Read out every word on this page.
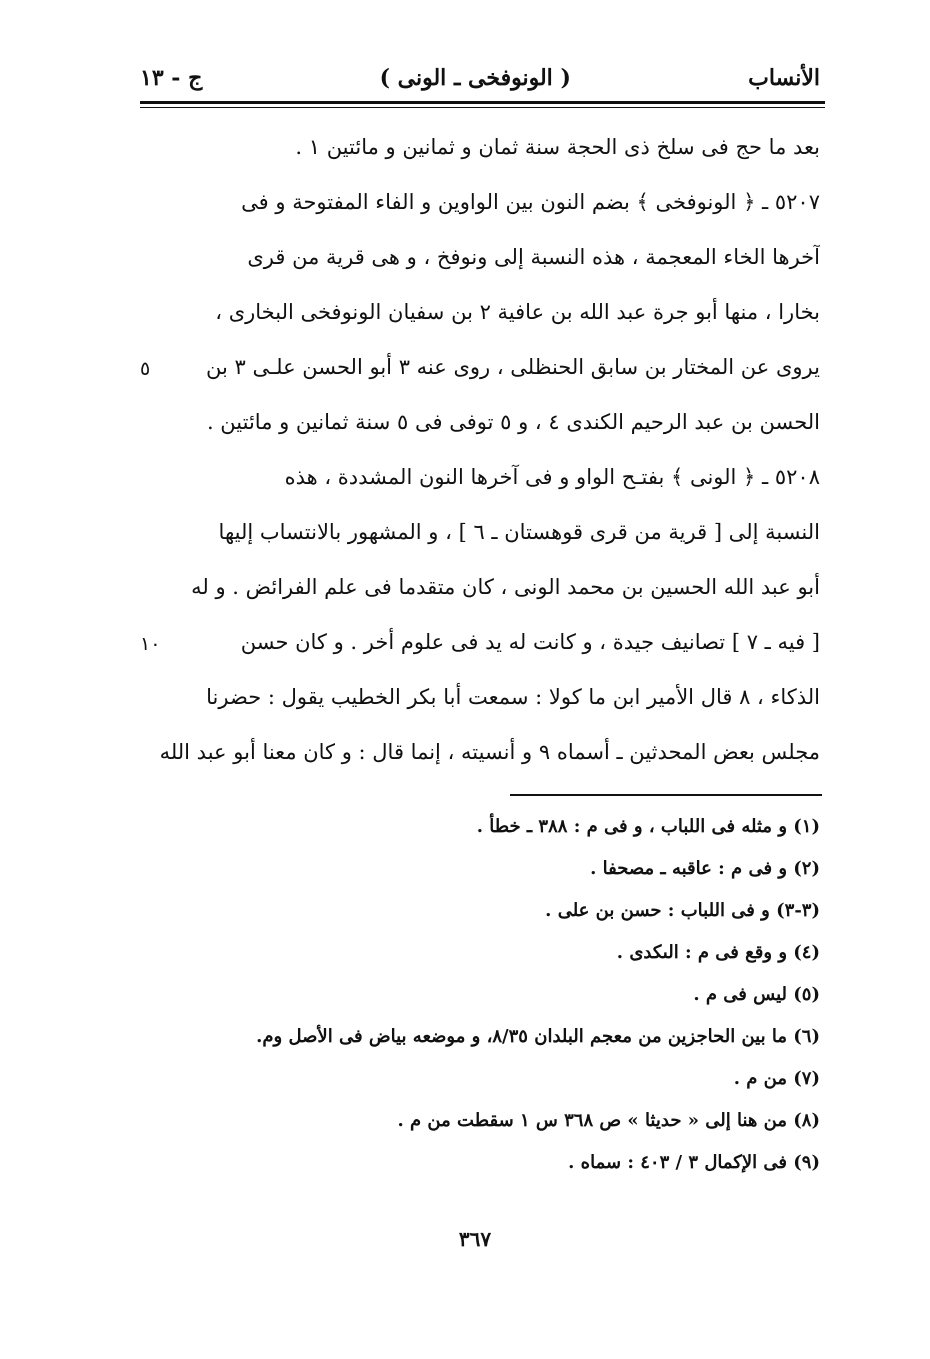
الأنساب
( الونوفخى ـ الونى )
ج - ١٣
بعد ما حج فى سلخ ذى الحجة سنة ثمان و ثمانين و مائتين ١ .
٥٢٠٧ ـ ﴿ الونوفخى ﴾ بضم النون بين الواوين و الفاء المفتوحة و فى
آخرها الخاء المعجمة ، هذه النسبة إلى ونوفخ ، و هى قرية من قرى
بخارا ، منها أبو جرة عبد الله بن عافية ٢ بن سفيان الونوفخى البخارى ،
يروى عن المختار بن سابق الحنظلى ، روى عنه ٣ أبو الحسن علـى ٣ بن
الحسن بن عبد الرحيم الكندى ٤ ، و ٥ توفى فى ٥ سنة ثمانين و مائتين .
٥٢٠٨ ـ ﴿ الونى ﴾ بفتـح الواو و فى آخرها النون المشددة ، هذه
النسبة إلى [ قرية من قرى قوهستان ـ ٦ ] ، و المشهور بالانتساب إليها
أبو عبد الله الحسين بن محمد الونى ، كان متقدما فى علم الفرائض . و له
[ فيه ـ ٧ ] تصانيف جيدة ، و كانت له يد فى علوم أخر . و كان حسن
الذكاء ، ٨ قال الأمير ابن ما كولا : سمعت أبا بكر الخطيب يقول : حضرنا
مجلس بعض المحدثين ـ أسماه ٩ و أنسيته ، إنما قال : و كان معنا أبو عبد الله
٥
١٠
(١) و مثله فى اللباب ، و فى م : ٣٨٨ ـ خطأ .
(٢) و فى م : عاقبه ـ مصحفا .
(٣-٣) و فى اللباب : حسن بن على .
(٤) و وقع فى م : الىكدى .
(٥) ليس فى م .
(٦) ما بين الحاجزين من معجم البلدان ٨/٣٥، و موضعه بياض فى الأصل وم.
(٧) من م .
(٨) من هنا إلى « حديثا » ص ٣٦٨ س ١ سقطت من م .
(٩) فى الإكمال ٣ / ٤٠٣ : سماه .
٣٦٧
